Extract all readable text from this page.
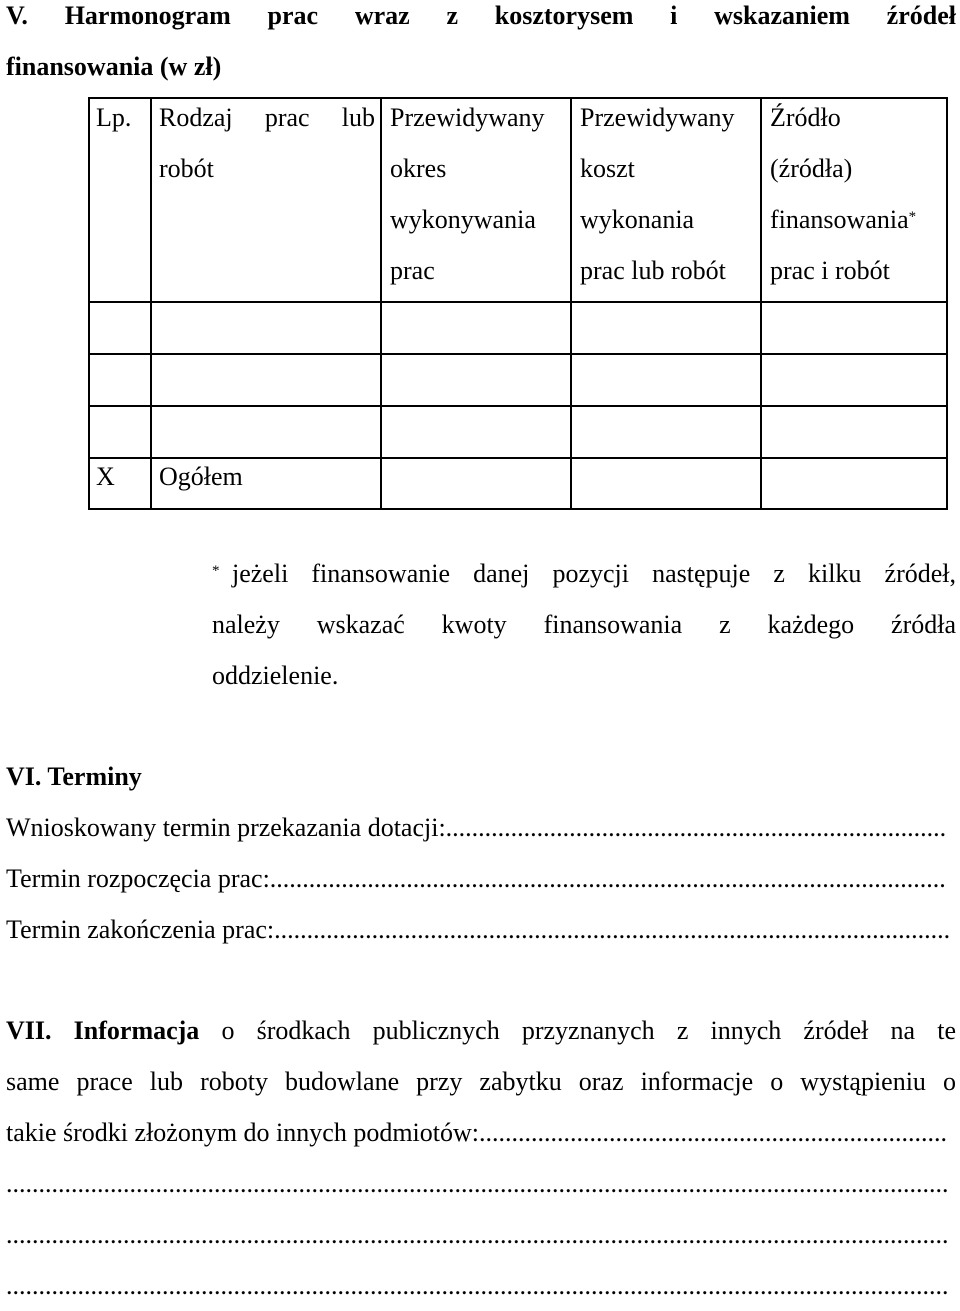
V. Harmonogram prac wraz z kosztorysem i wskazaniem źródeł
finansowania (w zł)
Lp. Rodzaj prac lub
robót
Przewidywany
okres
wykonywania
prac
Przewidywany
koszt
wykonania
prac lub robót
Źródło
(źródła)
finansowania*
prac i robót
X Ogółem
* jeżeli finansowanie danej pozycji następuje z kilku źródeł,
należy wskazać kwoty finansowania z każdego źródła
oddzielenie.
VI. Terminy
Wnioskowany termin przekazania dotacji:.............................................................................
Termin rozpoczęcia prac:........................................................................................................
Termin zakończenia prac:........................................................................................................
VII. Informacja o środkach publicznych przyznanych z innych źródeł na te
same prace lub roboty budowlane przy zabytku oraz informacje o wystąpieniu o
takie środki złożonym do innych podmiotów:........................................................................
.................................................................................................................................................
.................................................................................................................................................
.................................................................................................................................................
